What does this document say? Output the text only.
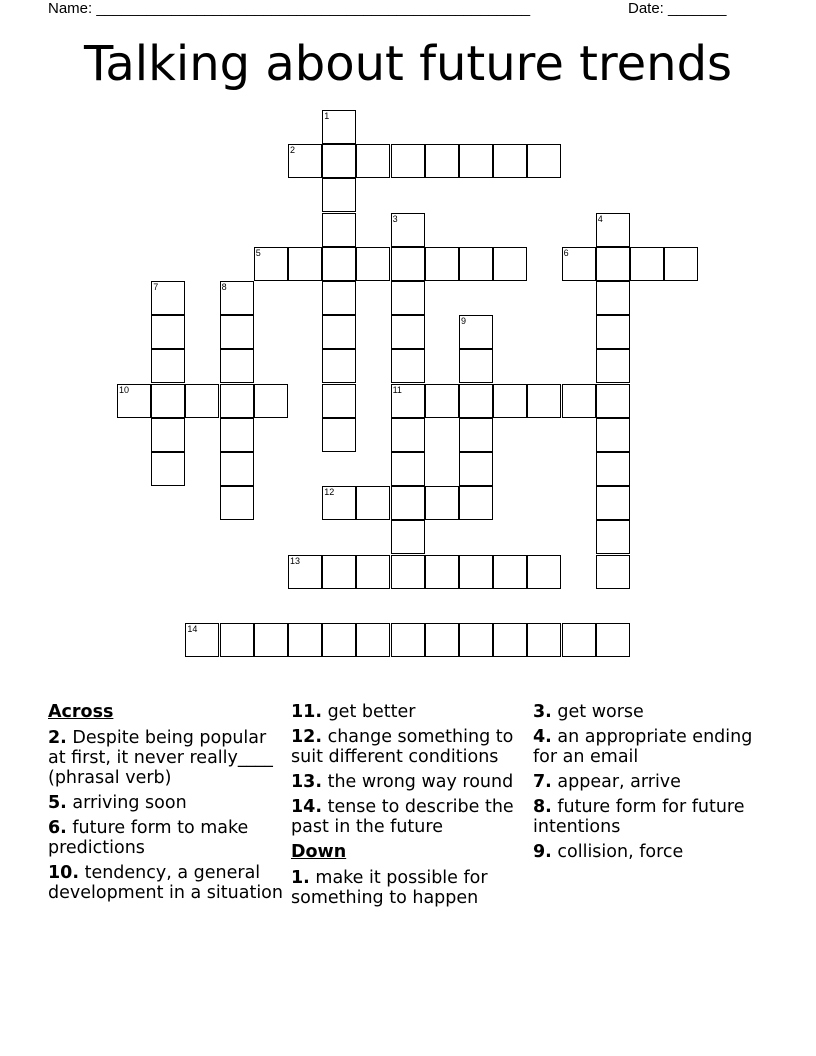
Name: ____________________________________________________	Date: _______
Talking about future trends
1
2
3
11
4
5	6
7	8
9
10
12
13
14
Across
2. Despite being popular at first, it never really____ (phrasal verb)
5. arriving soon
6. future form to make predictions
10. tendency, a general development in a situation
11. get better
12. change something to suit different conditions
13. the wrong way round
14. tense to describe the past in the future
Down
1. make it possible for something to happen
3. get worse
4. an appropriate ending for an email
7. appear, arrive
8. future form for future intentions
9. collision, force
